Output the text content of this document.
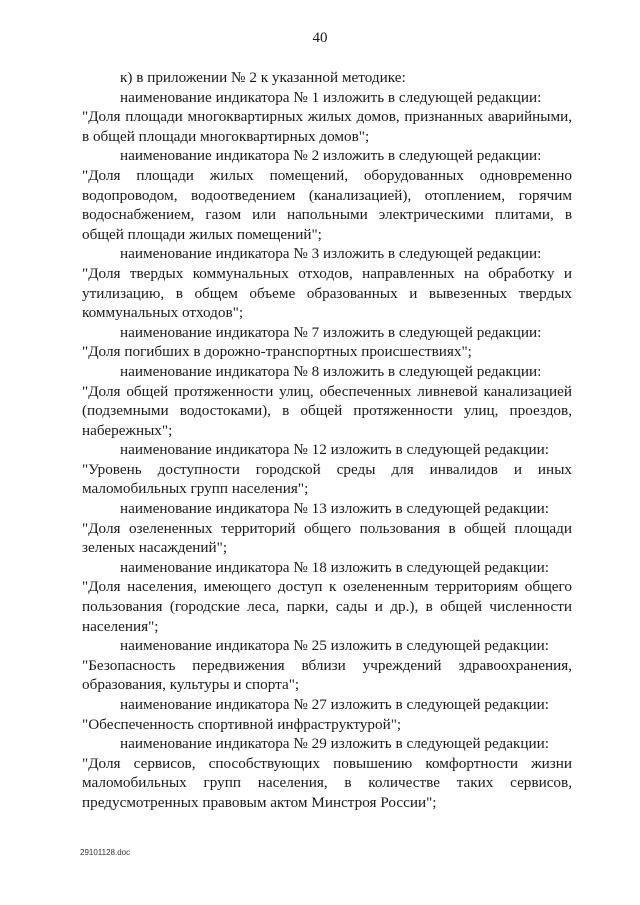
40

к) в приложении № 2 к указанной методике:

наименование индикатора № 1 изложить в следующей редакции:

"Доля площади многоквартирных жилых домов, признанных аварийными, в общей площади многоквартирных домов";

наименование индикатора № 2 изложить в следующей редакции:

"Доля площади жилых помещений, оборудованных одновременно водопроводом, водоотведением (канализацией), отоплением, горячим водоснабжением, газом или напольными электрическими плитами, в общей площади жилых помещений";

наименование индикатора № 3 изложить в следующей редакции:

"Доля твердых коммунальных отходов, направленных на обработку и утилизацию, в общем объеме образованных и вывезенных твердых коммунальных отходов";

наименование индикатора № 7 изложить в следующей редакции:

"Доля погибших в дорожно-транспортных происшествиях";

наименование индикатора № 8 изложить в следующей редакции:

"Доля общей протяженности улиц, обеспеченных ливневой канализацией (подземными водостоками), в общей протяженности улиц, проездов, набережных";

наименование индикатора № 12 изложить в следующей редакции:

"Уровень доступности городской среды для инвалидов и иных маломобильных групп населения";

наименование индикатора № 13 изложить в следующей редакции:

"Доля озелененных территорий общего пользования в общей площади зеленых насаждений";

наименование индикатора № 18 изложить в следующей редакции:

"Доля населения, имеющего доступ к озелененным территориям общего пользования (городские леса, парки, сады и др.), в общей численности населения";

наименование индикатора № 25 изложить в следующей редакции:

"Безопасность передвижения вблизи учреждений здравоохранения, образования, культуры и спорта";

наименование индикатора № 27 изложить в следующей редакции:

"Обеспеченность спортивной инфраструктурой";

наименование индикатора № 29 изложить в следующей редакции:

"Доля сервисов, способствующих повышению комфортности жизни маломобильных групп населения, в количестве таких сервисов, предусмотренных правовым актом Минстроя России";

29101128.doc
